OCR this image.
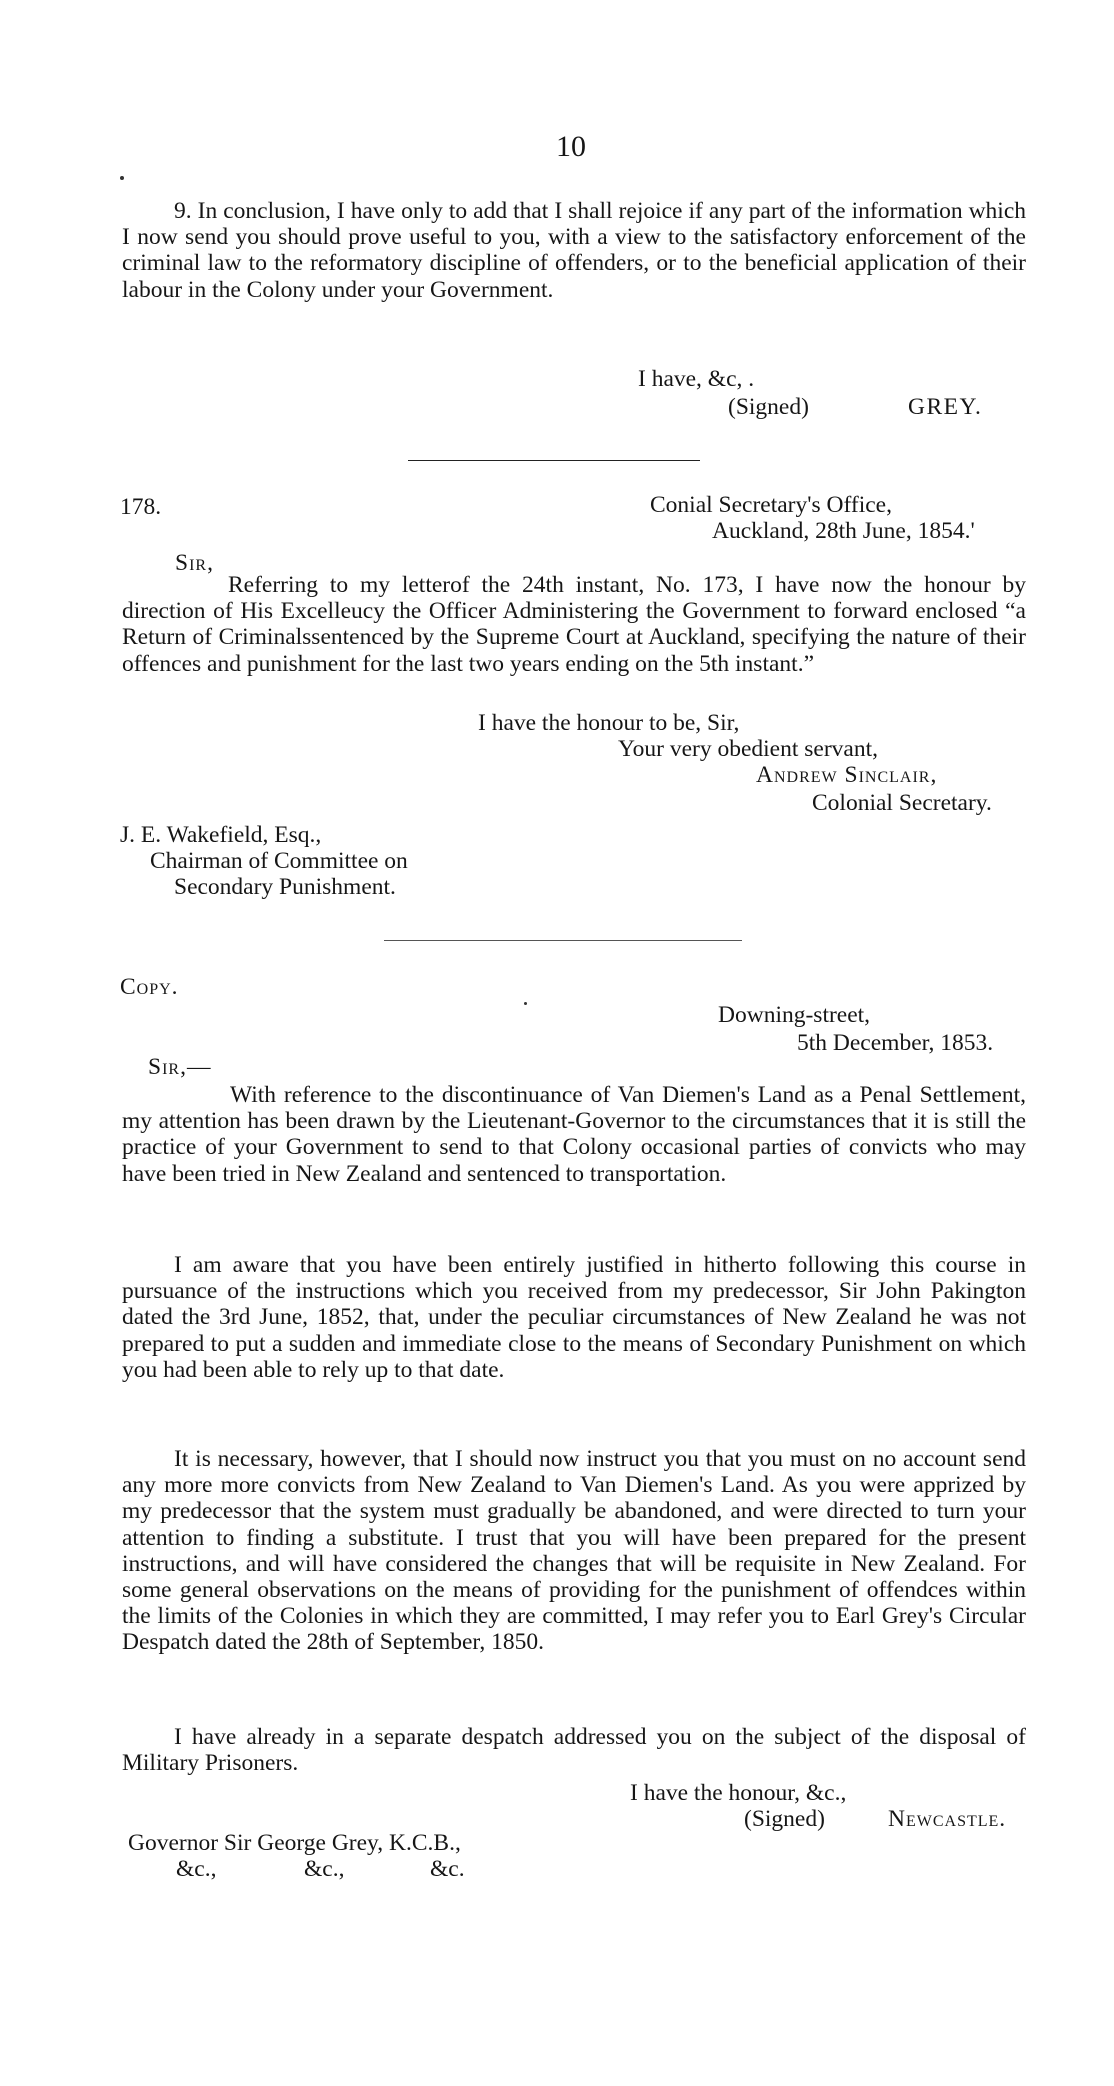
10

9. In conclusion, I have only to add that I shall rejoice if any part of the information which I now send you should prove useful to you, with a view to the satisfactory enforcement of the criminal law to the reformatory discipline of offenders, or to the beneficial application of their labour in the Colony under your Government.

I have, &c, .
(Signed)	GREY.
178.	Conial Secretary's Office,
Auckland, 28th June, 1854.'
Sir,

Referring to my letterof the 24th instant, No. 173, I have now the honour by direction of His Excelleucy the Officer Administering the Government to forward enclosed “a Return of Criminalssentenced by the Supreme Court at Auckland, specifying the nature of their offences and punishment for the last two years ending on the 5th instant.”

I have the honour to be, Sir,
Your very obedient servant,
Andrew Sinclair,
Colonial Secretary.
J. E. Wakefield, Esq.,
Chairman of Committee on
Secondary Punishment.
Copy.
Downing-street,
5th December, 1853.
Sir,—

With reference to the discontinuance of Van Diemen's Land as a Penal Settlement, my attention has been drawn by the Lieutenant-Governor to the circumstances that it is still the practice of your Government to send to that Colony occasional parties of convicts who may have been tried in New Zealand and sentenced to transportation.

I am aware that you have been entirely justified in hitherto following this course in pursuance of the instructions which you received from my predecessor, Sir John Pakington dated the 3rd June, 1852, that, under the peculiar circumstances of New Zealand he was not prepared to put a sudden and immediate close to the means of Secondary Punishment on which you had been able to rely up to that date.

It is necessary, however, that I should now instruct you that you must on no account send any more more convicts from New Zealand to Van Diemen's Land. As you were apprized by my predecessor that the system must gradually be abandoned, and were directed to turn your attention to finding a substitute. I trust that you will have been prepared for the present instructions, and will have considered the changes that will be requisite in New Zealand. For some general observations on the means of providing for the punishment of offendces within the limits of the Colonies in which they are committed, I may refer you to Earl Grey's Circular Despatch dated the 28th of September, 1850.

I have already in a separate despatch addressed you on the subject of the disposal of Military Prisoners.

I have the honour, &c.,
(Signed)	Newcastle.
Governor Sir George Grey, K.C.B.,
&c.,	&c.,	&c.
